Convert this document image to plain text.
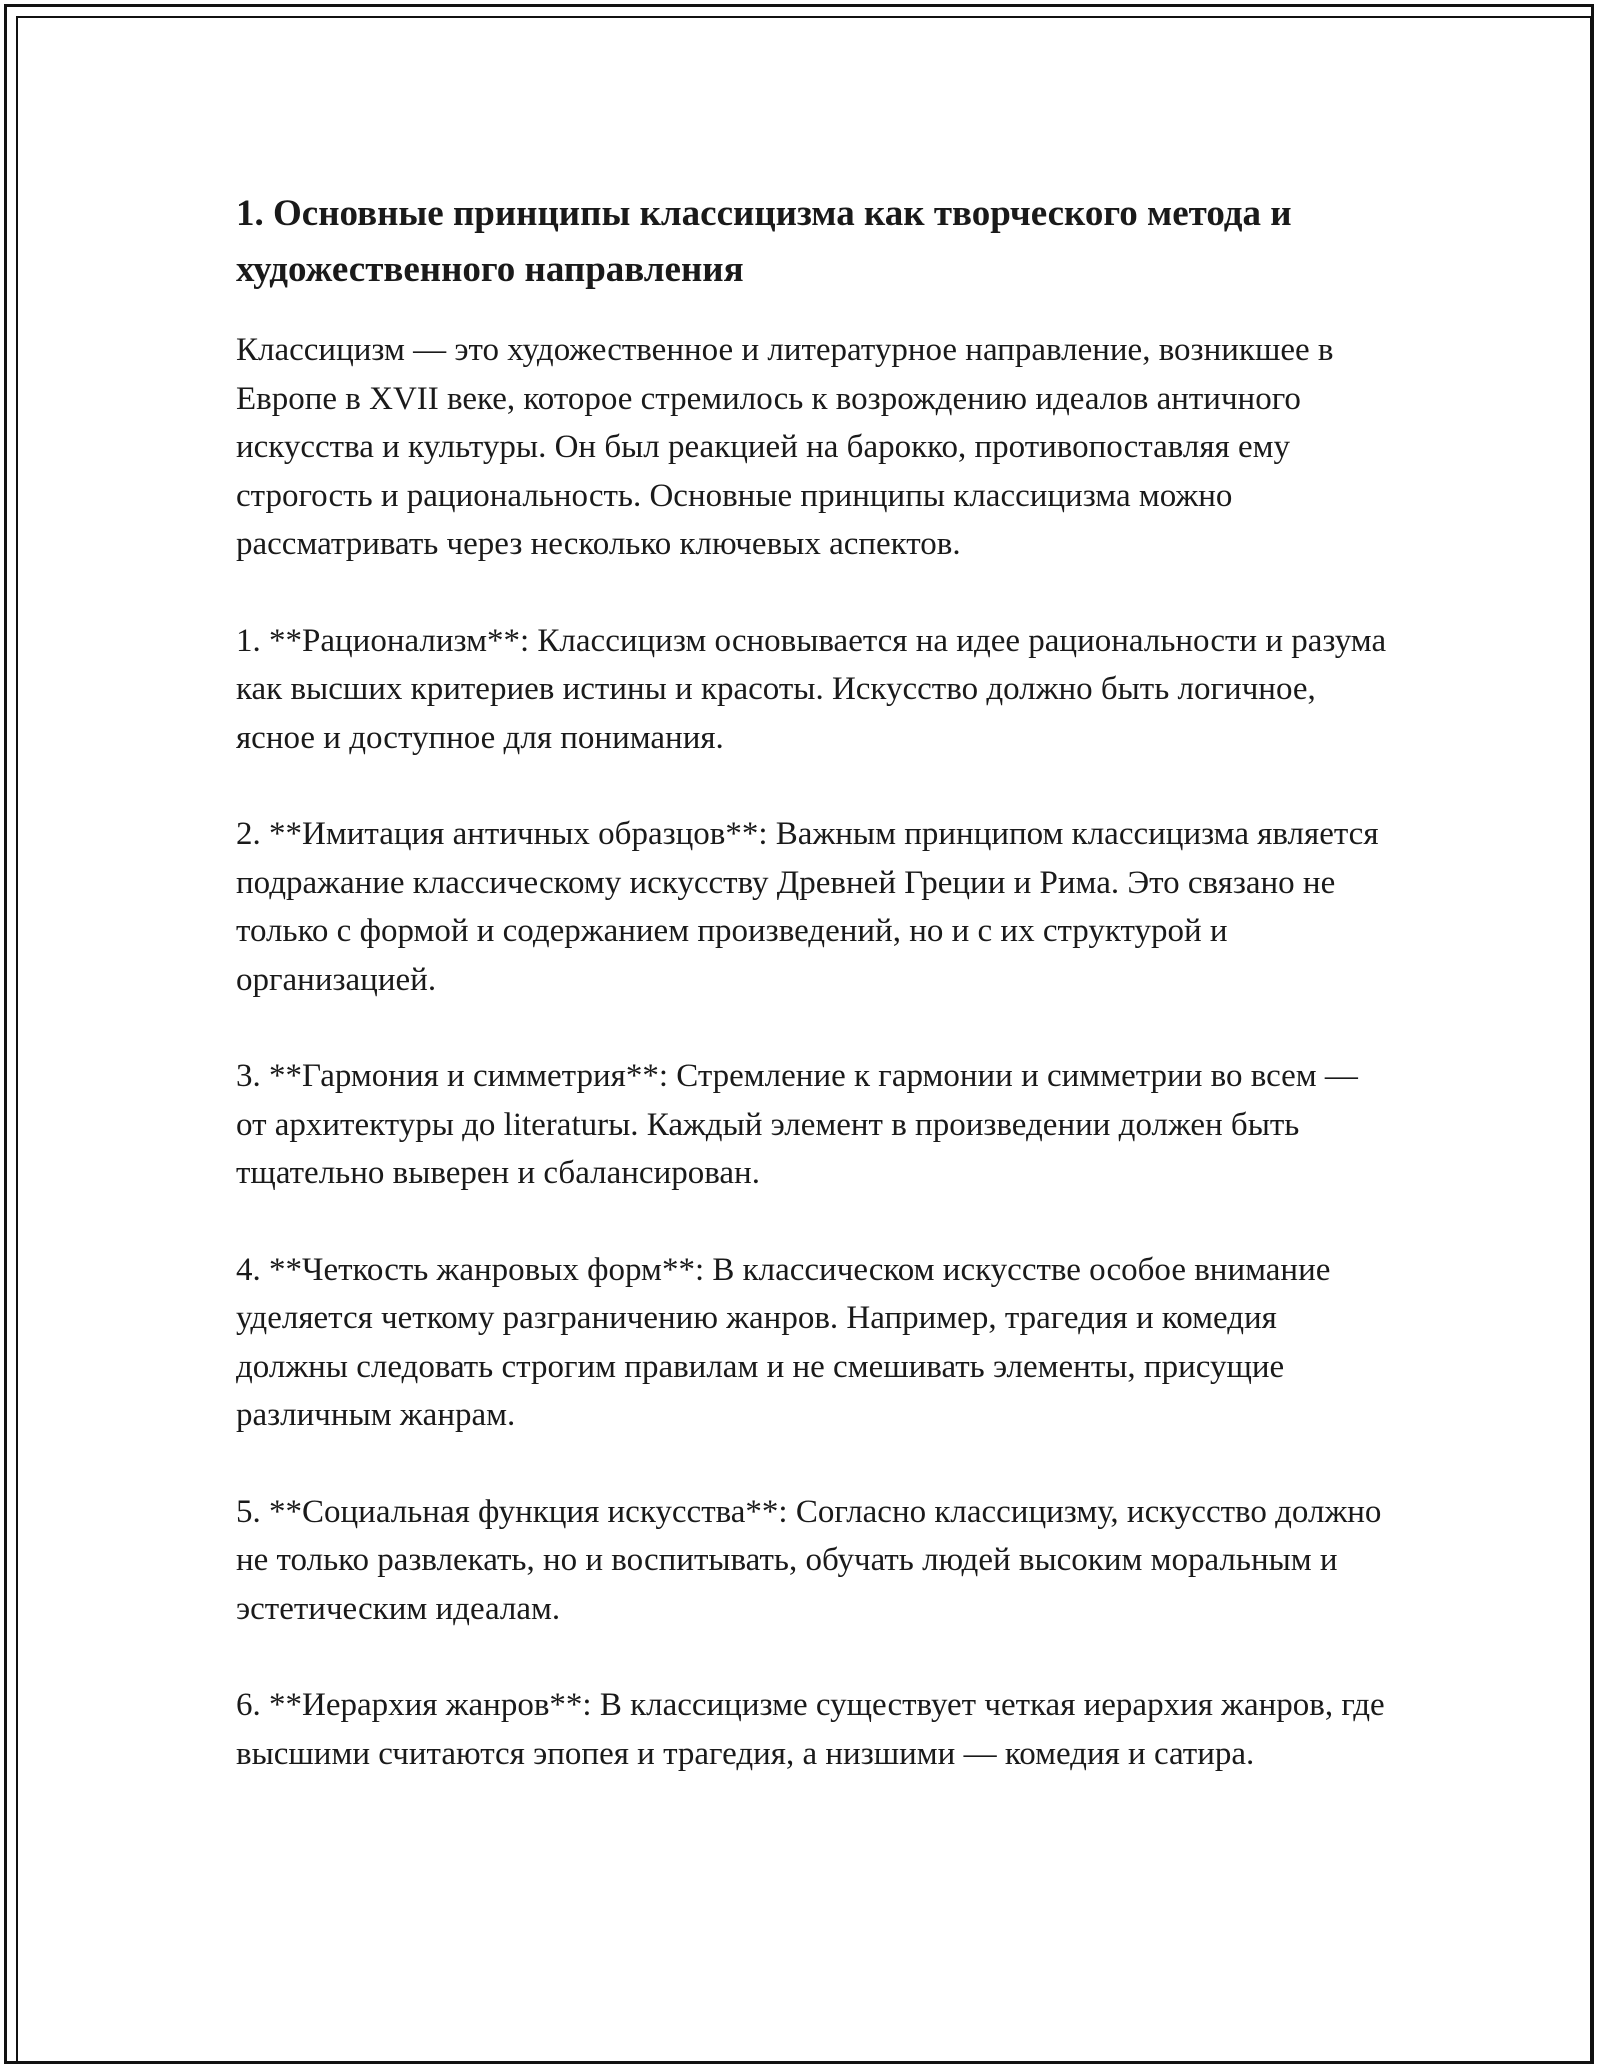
1. Основные принципы классицизма как творческого метода и художественного направления

Классицизм — это художественное и литературное направление, возникшее в Европе в XVII веке, которое стремилось к возрождению идеалов античного искусства и культуры. Он был реакцией на барокко, противопоставляя ему строгость и рациональность. Основные принципы классицизма можно рассматривать через несколько ключевых аспектов.

1. **Рационализм**: Классицизм основывается на идее рациональности и разума как высших критериев истины и красоты. Искусство должно быть логичное, ясное и доступное для понимания.

2. **Имитация античных образцов**: Важным принципом классицизма является подражание классическому искусству Древней Греции и Рима. Это связано не только с формой и содержанием произведений, но и с их структурой и организацией.

3. **Гармония и симметрия**: Стремление к гармонии и симметрии во всем — от архитектуры до literaturы. Каждый элемент в произведении должен быть тщательно выверен и сбалансирован.

4. **Четкость жанровых форм**: В классическом искусстве особое внимание уделяется четкому разграничению жанров. Например, трагедия и комедия должны следовать строгим правилам и не смешивать элементы, присущие различным жанрам.

5. **Социальная функция искусства**: Согласно классицизму, искусство должно не только развлекать, но и воспитывать, обучать людей высоким моральным и эстетическим идеалам.

6. **Иерархия жанров**: В классицизме существует четкая иерархия жанров, где высшими считаются эпопея и трагедия, а низшими — комедия и сатира.
